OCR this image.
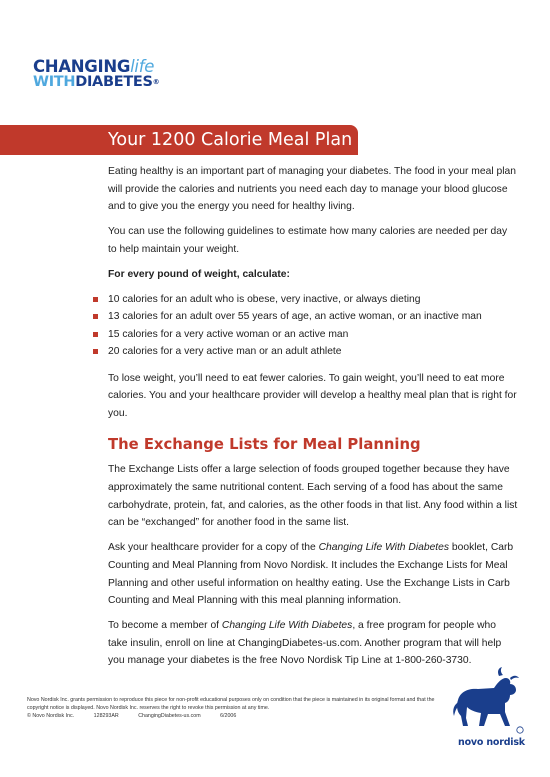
CHANGINGlife
WITHDIABETES®
Your 1200 Calorie Meal Plan

Eating healthy is an important part of managing your diabetes. The food in your meal plan will provide the calories and nutrients you need each day to manage your blood glucose and to give you the energy you need for healthy living.

You can use the following guidelines to estimate how many calories are needed per day to help maintain your weight.

For every pound of weight, calculate:

10 calories for an adult who is obese, very inactive, or always dieting
13 calories for an adult over 55 years of age, an active woman, or an inactive man
15 calories for a very active woman or an active man
20 calories for a very active man or an adult athlete

To lose weight, you’ll need to eat fewer calories. To gain weight, you’ll need to eat more calories. You and your healthcare provider will develop a healthy meal plan that is right for you.

The Exchange Lists for Meal Planning

The Exchange Lists offer a large selection of foods grouped together because they have approximately the same nutritional content. Each serving of a food has about the same carbohydrate, protein, fat, and calories, as the other foods in that list. Any food within a list can be “exchanged” for another food in the same list.

Ask your healthcare provider for a copy of the Changing Life With Diabetes booklet, Carb Counting and Meal Planning from Novo Nordisk. It includes the Exchange Lists for Meal Planning and other useful information on healthy eating. Use the Exchange Lists in Carb Counting and Meal Planning with this meal planning information.

To become a member of Changing Life With Diabetes, a free program for people who take insulin, enroll on line at ChangingDiabetes-us.com. Another program that will help you manage your diabetes is the free Novo Nordisk Tip Line at 1-800-260-3730.

Novo Nordisk Inc. grants permission to reproduce this piece for non-profit educational purposes only on condition that the piece is maintained in its original format and that the copyright notice is displayed. Novo Nordisk Inc. reserves the right to revoke this permission at any time.
© Novo Nordisk Inc.	128293AR	ChangingDiabetes-us.com	6/2006
novo nordisk
